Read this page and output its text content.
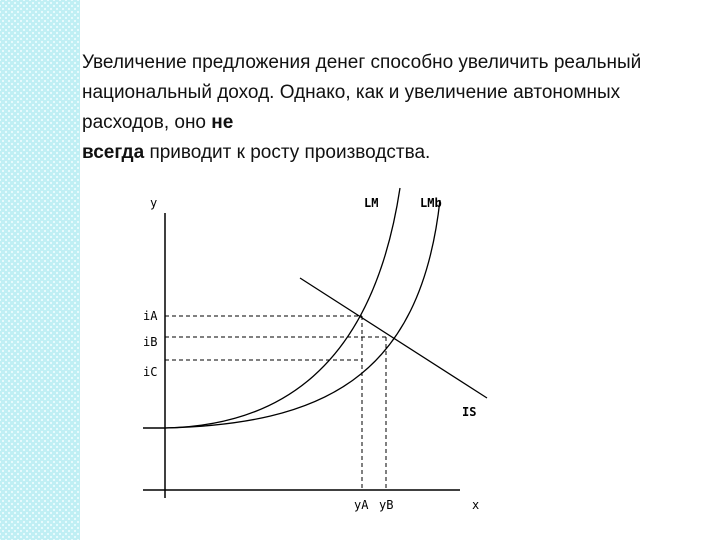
Увеличение предложения денег способно увеличить реальный национальный доход. Однако, как и увеличение автономных расходов, оно не
всегда приводит к росту производства.
y
x
LM	LMb
IS
iA
iB
iC
yA yB
